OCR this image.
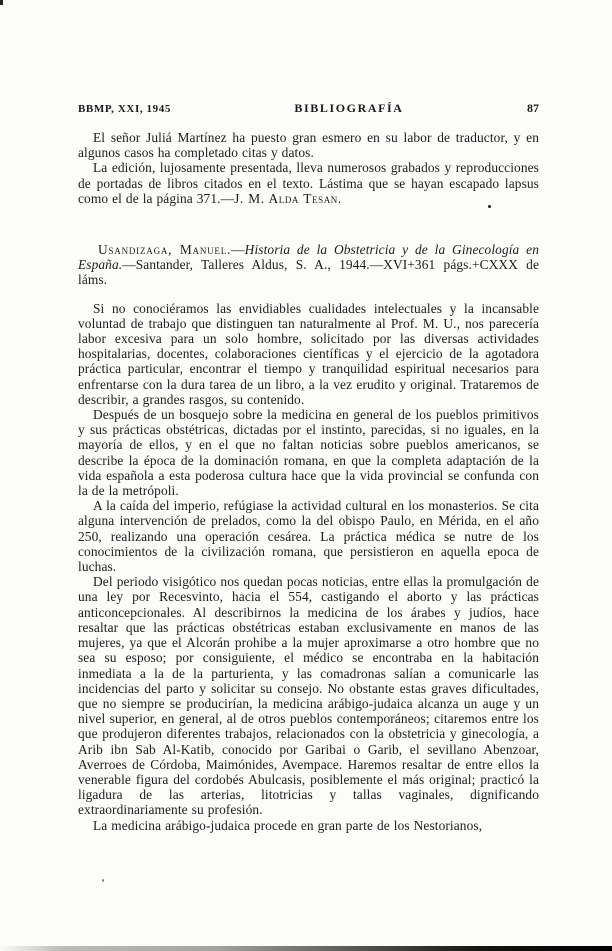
BBMP, XXI, 1945	BIBLIOGRAFÍA	87

El señor Juliá Martínez ha puesto gran esmero en su labor de traductor, y en algunos casos ha completado citas y datos.

La edición, lujosamente presentada, lleva numerosos grabados y reproducciones de portadas de libros citados en el texto. Lástima que se hayan escapado lapsus como el de la página 371.—J. M. Alda Tesan.

Usandizaga, Manuel.—Historia de la Obstetricia y de la Ginecología en España.—Santander, Talleres Aldus, S. A., 1944.—XVI+361 págs.+CXXX de láms.

Si no conociéramos las envidiables cualidades intelectuales y la incansable voluntad de trabajo que distinguen tan naturalmente al Prof. M. U., nos parecería labor excesiva para un solo hombre, solicitado por las diversas actividades hospitalarias, docentes, colaboraciones científicas y el ejercicio de la agotadora práctica particular, encontrar el tiempo y tranquilidad espiritual necesarios para enfrentarse con la dura tarea de un libro, a la vez erudito y original. Trataremos de describir, a grandes rasgos, su contenido.

Después de un bosquejo sobre la medicina en general de los pueblos primitivos y sus prácticas obstétricas, dictadas por el instinto, parecidas, si no iguales, en la mayoría de ellos, y en el que no faltan noticias sobre pueblos americanos, se describe la época de la dominación romana, en que la completa adaptación de la vida española a esta poderosa cultura hace que la vida provincial se confunda con la de la metrópoli.

A la caída del imperio, refúgiase la actividad cultural en los monasterios. Se cita alguna intervención de prelados, como la del obispo Paulo, en Mérida, en el año 250, realizando una operación cesárea. La práctica médica se nutre de los conocimientos de la civilización romana, que persistieron en aquella epoca de luchas.

Del periodo visigótico nos quedan pocas noticias, entre ellas la promulgación de una ley por Recesvinto, hacia el 554, castigando el aborto y las prácticas anticoncepcionales. Al describirnos la medicina de los árabes y judíos, hace resaltar que las prácticas obstétricas estaban exclusivamente en manos de las mujeres, ya que el Alcorán prohibe a la mujer aproximarse a otro hombre que no sea su esposo; por consiguiente, el médico se encontraba en la habitación inmediata a la de la parturienta, y las comadronas salían a comunicarle las incidencias del parto y solicitar su consejo. No obstante estas graves dificultades, que no siempre se producirían, la medicina arábigo-judaica alcanza un auge y un nivel superior, en general, al de otros pueblos contemporáneos; citaremos entre los que produjeron diferentes trabajos, relacionados con la obstetricia y ginecología, a Arib ibn Sab Al-Katib, conocido por Garibai o Garib, el sevillano Abenzoar, Averroes de Córdoba, Maimónides, Avempace. Haremos resaltar de entre ellos la venerable figura del cordobés Abulcasis, posiblemente el más original; practicó la ligadura de las arterias, litotricias y tallas vaginales, dignificando extraordinariamente su profesión.

La medicina arábigo-judaica procede en gran parte de los Nestorianos,
